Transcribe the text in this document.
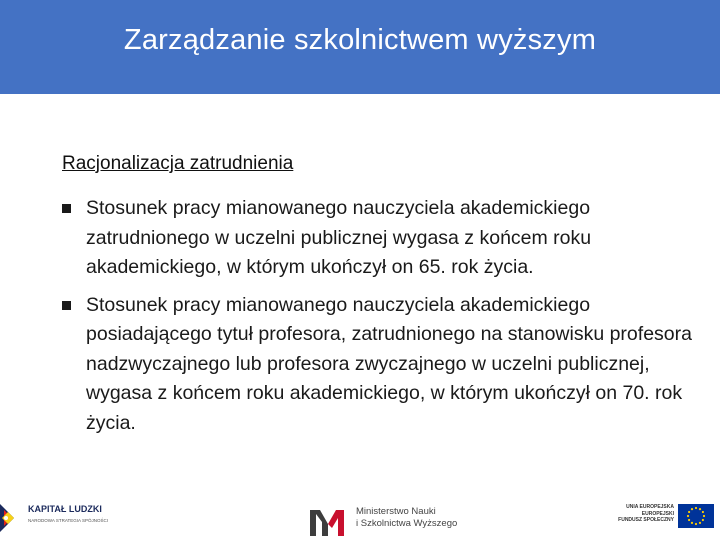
Zarządzanie szkolnictwem wyższym
Racjonalizacja zatrudnienia
Stosunek pracy mianowanego nauczyciela akademickiego zatrudnionego w uczelni publicznej wygasa z końcem roku akademickiego, w którym ukończył on 65. rok życia.
Stosunek pracy mianowanego nauczyciela akademickiego posiadającego tytuł profesora, zatrudnionego na stanowisku profesora nadzwyczajnego lub profesora zwyczajnego w uczelni publicznej, wygasa z końcem roku akademickiego, w którym ukończył on 70. rok życia.
KAPITAŁ LUDZKI
NARODOWA STRATEGIA SPÓJNOŚCI
Ministerstwo Nauki
i Szkolnictwa Wyższego
UNIA EUROPEJSKA
EUROPEJSKI
FUNDUSZ SPOŁECZNY
